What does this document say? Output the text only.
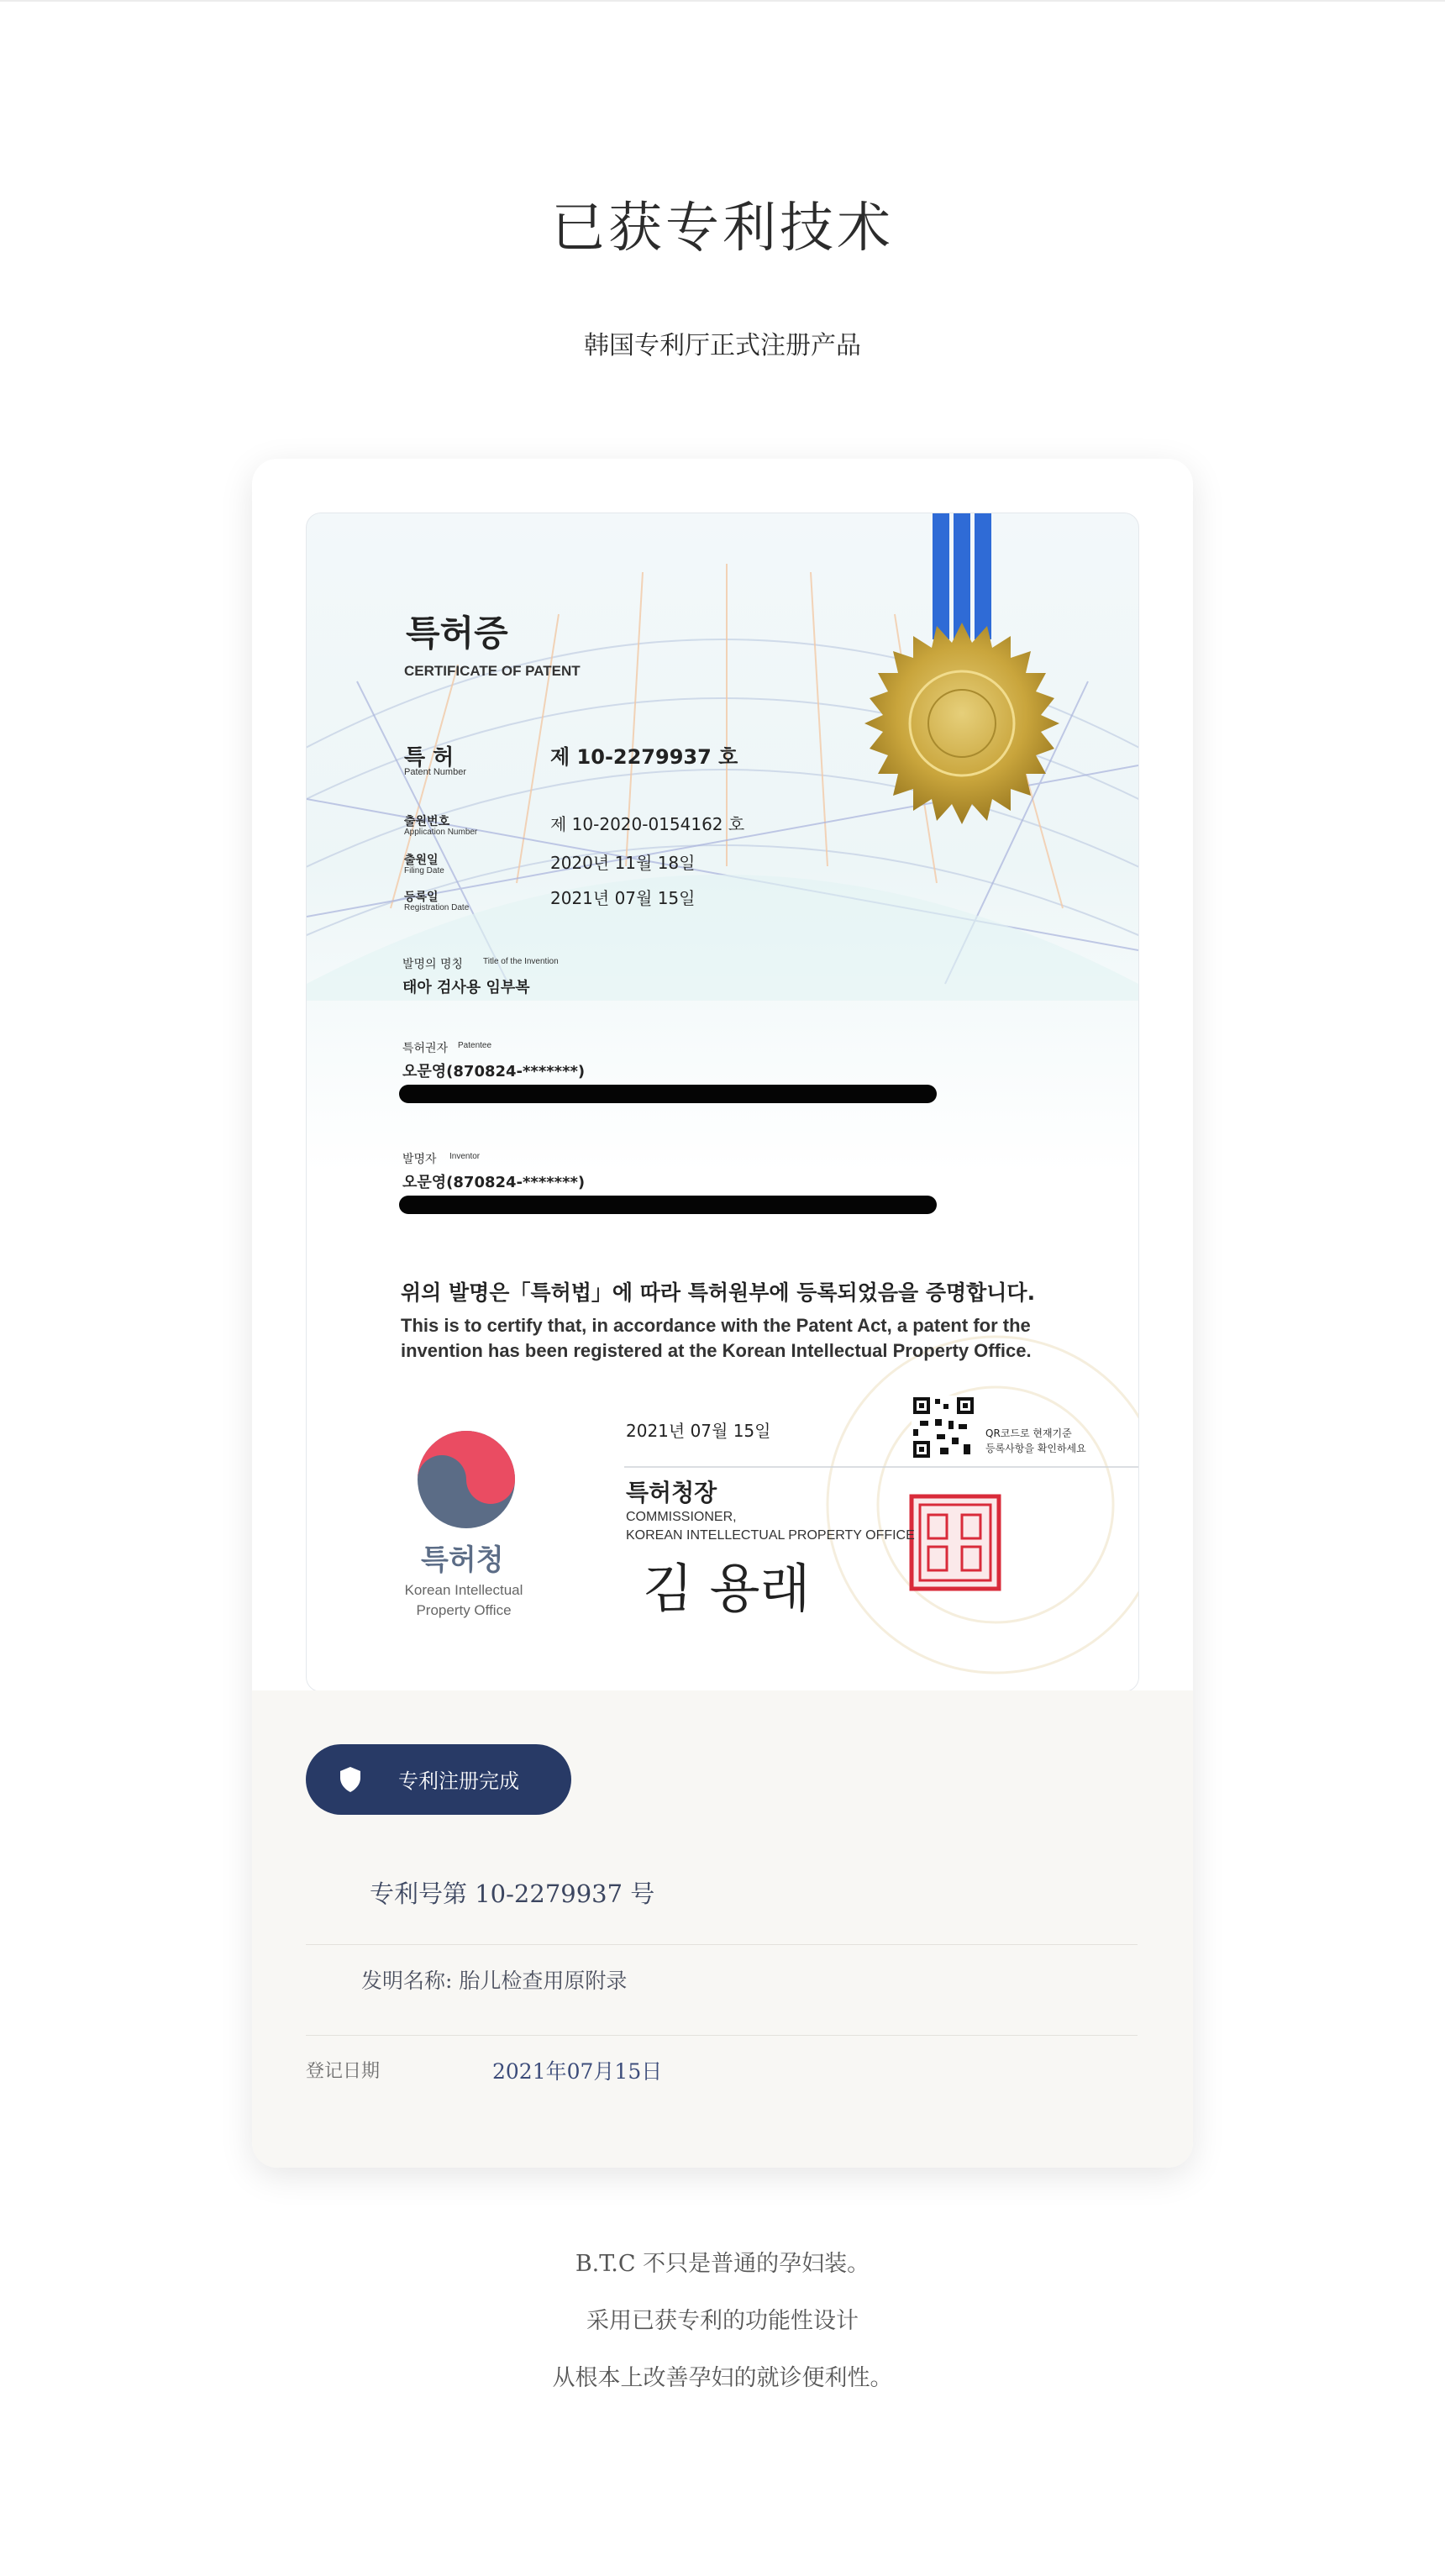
已获专利技术
韩国专利厅正式注册产品
특허증
CERTIFICATE OF PATENT
특 허
Patent Number
제 10-2279937 호
출원번호
Application Number	제 10-2020-0154162 호
출원일
Filing Date	2020년 11월 18일
등록일
Registration Date	2021년 07월 15일
발명의 명칭 Title of the Invention
태아 검사용 임부복
특허권자 Patentee
오문영(870824-*******)
발명자 Inventor
오문영(870824-*******)
위의 발명은「특허법」에 따라 특허원부에 등록되었음을 증명합니다.
This is to certify that, in accordance with the Patent Act, a patent for the
invention has been registered at the Korean Intellectual Property Office.
특허청
Korean Intellectual
Property Office
2021년 07월 15일	QR코드로 현재기준
등록사항을 확인하세요
특허청장
COMMISSIONER,
KOREAN INTELLECTUAL PROPERTY OFFICE
김 용래
专利注册完成
专利号第 10-2279937 号
发明名称: 胎儿检查用原附录
登记日期	2021年07月15日
B.T.C 不只是普通的孕妇装。
采用已获专利的功能性设计
从根本上改善孕妇的就诊便利性。
